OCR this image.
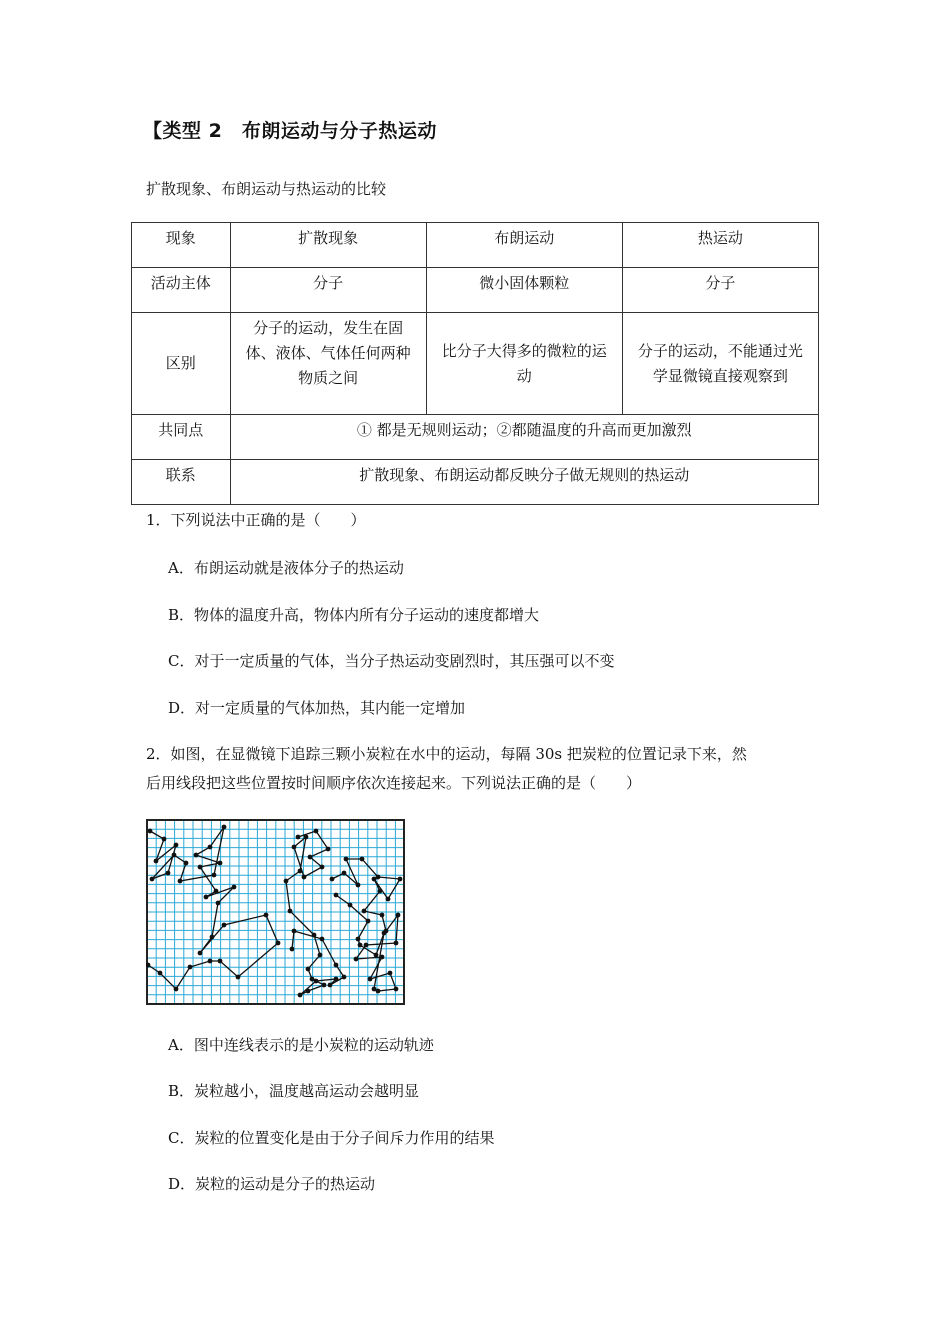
【类型 2　布朗运动与分子热运动
扩散现象、布朗运动与热运动的比较
现象	扩散现象	布朗运动	热运动
活动主体	分子	微小固体颗粒	分子
区别	分子的运动，发生在固体、液体、气体任何两种物质之间	比分子大得多的微粒的运动	分子的运动，不能通过光学显微镜直接观察到
共同点	① 都是无规则运动；②都随温度的升高而更加激烈		
联系	扩散现象、布朗运动都反映分子做无规则的热运动		
1．下列说法中正确的是（　　）
A．布朗运动就是液体分子的热运动
B．物体的温度升高，物体内所有分子运动的速度都增大
C．对于一定质量的气体，当分子热运动变剧烈时，其压强可以不变
D．对一定质量的气体加热，其内能一定增加
2．如图，在显微镜下追踪三颗小炭粒在水中的运动，每隔 30s 把炭粒的位置记录下来，然
后用线段把这些位置按时间顺序依次连接起来。下列说法正确的是（　　）
A．图中连线表示的是小炭粒的运动轨迹
B．炭粒越小，温度越高运动会越明显
C．炭粒的位置变化是由于分子间斥力作用的结果
D．炭粒的运动是分子的热运动
